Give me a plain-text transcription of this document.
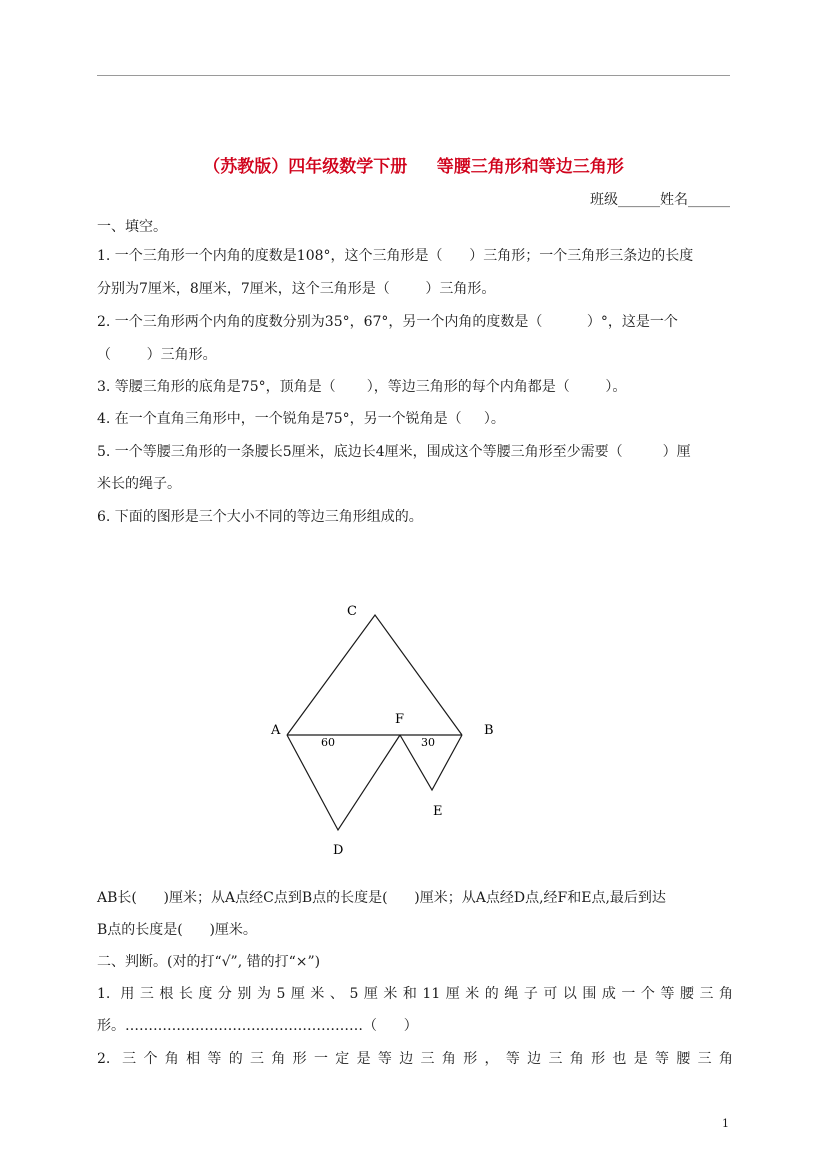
（苏教版）四年级数学下册     等腰三角形和等边三角形
班级______姓名______
一、填空。
1. 一个三角形一个内角的度数是108°，这个三角形是（      ）三角形；一个三角形三条边的长度
分别为7厘米，8厘米，7厘米，这个三角形是（        ）三角形。
2. 一个三角形两个内角的度数分别为35°，67°，另一个内角的度数是（          ）°，这是一个
（        ）三角形。
3. 等腰三角形的底角是75°，顶角是（       ），等边三角形的每个内角都是（        ）。
4. 在一个直角三角形中，一个锐角是75°，另一个锐角是（     ）。
5. 一个等腰三角形的一条腰长5厘米，底边长4厘米，围成这个等腰三角形至少需要（         ）厘
米长的绳子。
6. 下面的图形是三个大小不同的等边三角形组成的。
C
A
F
B
E
D
60	30
AB长(      )厘米；从A点经C点到B点的长度是(      )厘米；从A点经D点,经F和E点,最后到达
B点的长度是(      )厘米。
二、判断。(对的打“√”, 错的打“×”)
1. 用三根长度分别为5厘米、5厘米和11厘米的绳子可以围成一个等腰三角
形。……………………………………………（      ）
2. 三个角相等的三角形一定是等边三角形，等边三角形也是等腰三角
1
